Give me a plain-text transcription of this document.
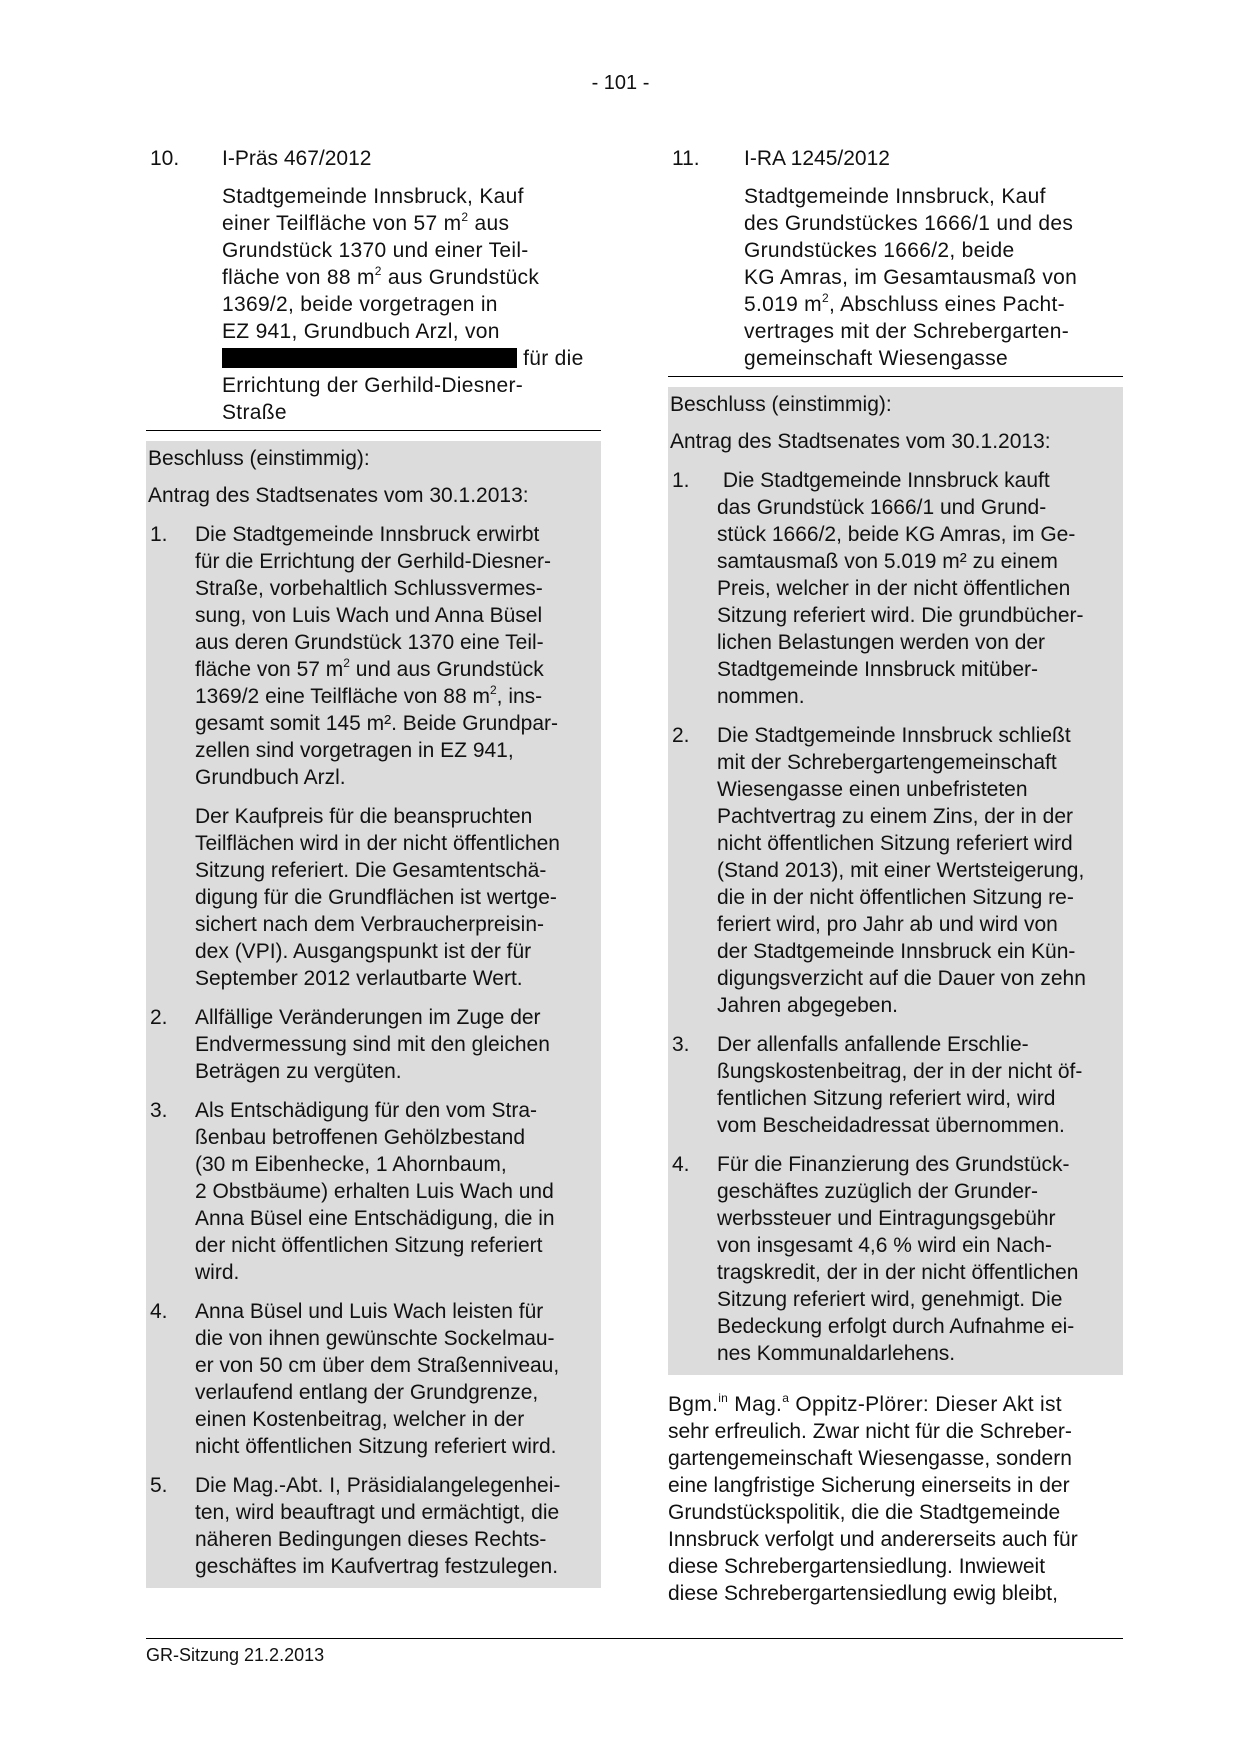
- 101 -
10. I-Präs 467/2012
Stadtgemeinde Innsbruck, Kauf
einer Teilfläche von 57 $m^2$ aus
Grundstück 1370 und einer Teil-
fläche von 88 $m^2$ aus Grundstück
1369/2, beide vorgetragen in
EZ 941, Grundbuch Arzl, von
für die
Errichtung der Gerhild-Diesner-
Straße

Beschluss (einstimmig):

Antrag des Stadtsenates vom 30.1.2013:

1. Die Stadtgemeinde Innsbruck erwirbt
für die Errichtung der Gerhild-Diesner-
Straße, vorbehaltlich Schlussvermes-
sung, von Luis Wach und Anna Büsel
aus deren Grundstück 1370 eine Teil-
fläche von 57 $m^2$ und aus Grundstück
1369/2 eine Teilfläche von 88 $m^2$, ins-
gesamt somit 145 m². Beide Grundpar-
zellen sind vorgetragen in EZ 941,
Grundbuch Arzl.

Der Kaufpreis für die beanspruchten
Teilflächen wird in der nicht öffentlichen
Sitzung referiert. Die Gesamtentschä-
digung für die Grundflächen ist wertge-
sichert nach dem Verbraucherpreisin-
dex (VPI). Ausgangspunkt ist der für
September 2012 verlautbarte Wert.

2. Allfällige Veränderungen im Zuge der
Endvermessung sind mit den gleichen
Beträgen zu vergüten.

3. Als Entschädigung für den vom Stra-
ßenbau betroffenen Gehölzbestand
(30 m Eibenhecke, 1 Ahornbaum,
2 Obstbäume) erhalten Luis Wach und
Anna Büsel eine Entschädigung, die in
der nicht öffentlichen Sitzung referiert
wird.

4. Anna Büsel und Luis Wach leisten für
die von ihnen gewünschte Sockelmau-
er von 50 cm über dem Straßenniveau,
verlaufend entlang der Grundgrenze,
einen Kostenbeitrag, welcher in der
nicht öffentlichen Sitzung referiert wird.

5. Die Mag.-Abt. I, Präsidialangelegenhei-
ten, wird beauftragt und ermächtigt, die
näheren Bedingungen dieses Rechts-
geschäftes im Kaufvertrag festzulegen.

11. I-RA 1245/2012
Stadtgemeinde Innsbruck, Kauf
des Grundstückes 1666/1 und des
Grundstückes 1666/2, beide
KG Amras, im Gesamtausmaß von
5.019 $m^2$, Abschluss eines Pacht-
vertrages mit der Schrebergarten-
gemeinschaft Wiesengasse

Beschluss (einstimmig):

Antrag des Stadtsenates vom 30.1.2013:

1. Die Stadtgemeinde Innsbruck kauft
das Grundstück 1666/1 und Grund-
stück 1666/2, beide KG Amras, im Ge-
samtausmaß von 5.019 m² zu einem
Preis, welcher in der nicht öffentlichen
Sitzung referiert wird. Die grundbücher-
lichen Belastungen werden von der
Stadtgemeinde Innsbruck mitüber-
nommen.

2. Die Stadtgemeinde Innsbruck schließt
mit der Schrebergartengemeinschaft
Wiesengasse einen unbefristeten
Pachtvertrag zu einem Zins, der in der
nicht öffentlichen Sitzung referiert wird
(Stand 2013), mit einer Wertsteigerung,
die in der nicht öffentlichen Sitzung re-
feriert wird, pro Jahr ab und wird von
der Stadtgemeinde Innsbruck ein Kün-
digungsverzicht auf die Dauer von zehn
Jahren abgegeben.

3. Der allenfalls anfallende Erschlie-
ßungskostenbeitrag, der in der nicht öf-
fentlichen Sitzung referiert wird, wird
vom Bescheidadressat übernommen.

4. Für die Finanzierung des Grundstück-
geschäftes zuzüglich der Grunder-
werbssteuer und Eintragungsgebühr
von insgesamt 4,6 % wird ein Nach-
tragskredit, der in der nicht öffentlichen
Sitzung referiert wird, genehmigt. Die
Bedeckung erfolgt durch Aufnahme ei-
nes Kommunaldarlehens.

Bgm.$^{in}$ Mag.$^a$ Oppitz-Plörer: Dieser Akt ist
sehr erfreulich. Zwar nicht für die Schreber-
gartengemeinschaft Wiesengasse, sondern
eine langfristige Sicherung einerseits in der
Grundstückspolitik, die die Stadtgemeinde
Innsbruck verfolgt und andererseits auch für
diese Schrebergartensiedlung. Inwieweit
diese Schrebergartensiedlung ewig bleibt,
GR-Sitzung 21.2.2013
